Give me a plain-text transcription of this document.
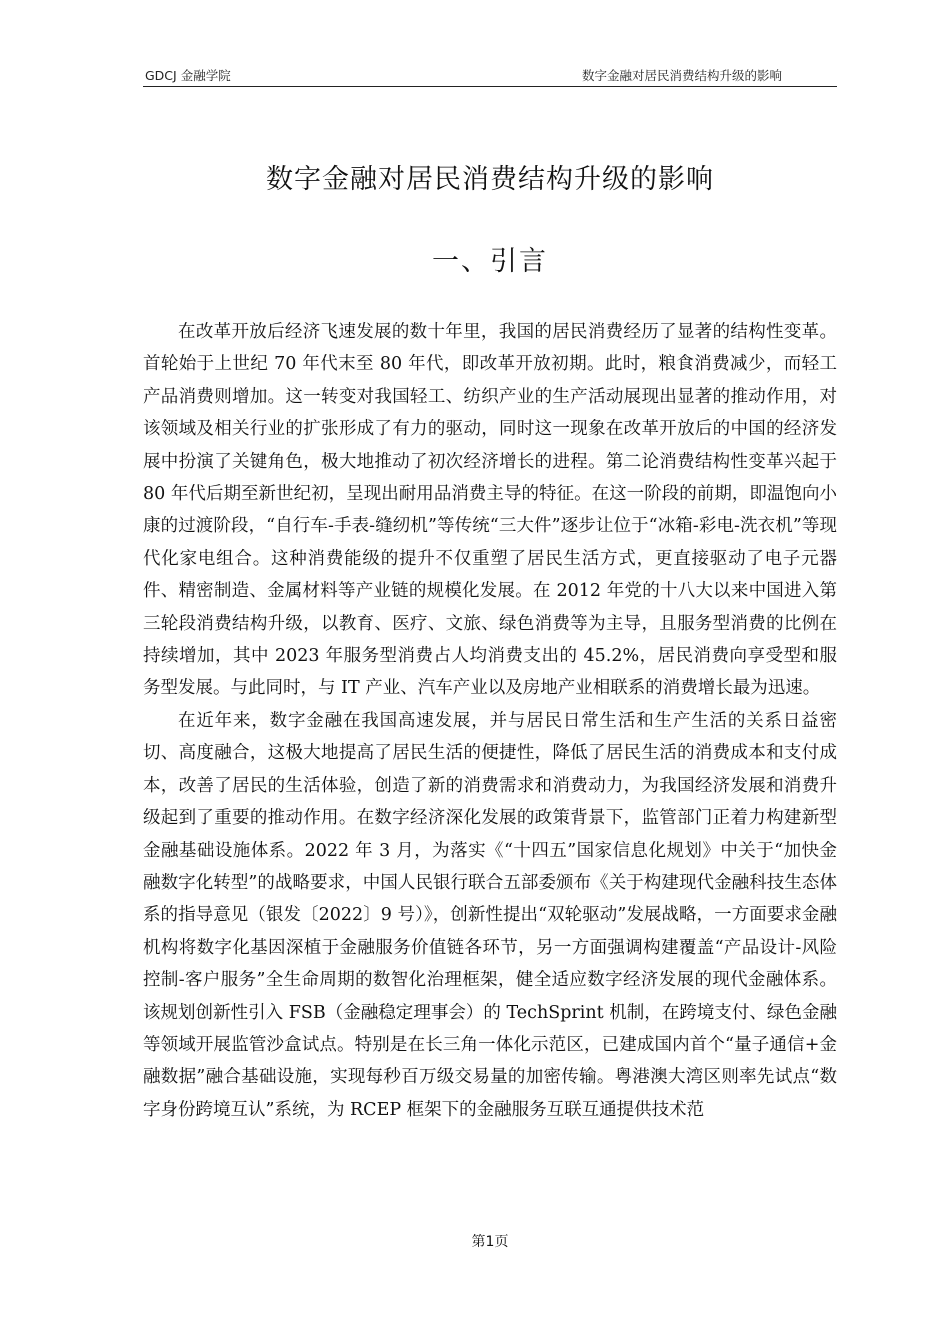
GDCJ 金融学院	数字金融对居民消费结构升级的影响
数字金融对居民消费结构升级的影响
一、引言

在改革开放后经济飞速发展的数十年里，我国的居民消费经历了显著的结构性变革。首轮始于上世纪 70 年代末至 80 年代，即改革开放初期。此时，粮食消费减少，而轻工产品消费则增加。这一转变对我国轻工、纺织产业的生产活动展现出显著的推动作用，对该领域及相关行业的扩张形成了有力的驱动，同时这一现象在改革开放后的中国的经济发展中扮演了关键角色，极大地推动了初次经济增长的进程。第二论消费结构性变革兴起于 80 年代后期至新世纪初，呈现出耐用品消费主导的特征。在这一阶段的前期，即温饱向小康的过渡阶段，“自行车-手表-缝纫机”等传统“三大件”逐步让位于“冰箱-彩电-洗衣机”等现代化家电组合。这种消费能级的提升不仅重塑了居民生活方式，更直接驱动了电子元器件、精密制造、金属材料等产业链的规模化发展。在 2012 年党的十八大以来中国进入第三轮段消费结构升级，以教育、医疗、文旅、绿色消费等为主导，且服务型消费的比例在持续增加，其中 2023 年服务型消费占人均消费支出的 45.2%，居民消费向享受型和服务型发展。与此同时，与 IT 产业、汽车产业以及房地产业相联系的消费增长最为迅速。

在近年来，数字金融在我国高速发展，并与居民日常生活和生产生活的关系日益密切、高度融合，这极大地提高了居民生活的便捷性，降低了居民生活的消费成本和支付成本，改善了居民的生活体验，创造了新的消费需求和消费动力，为我国经济发展和消费升级起到了重要的推动作用。在数字经济深化发展的政策背景下，监管部门正着力构建新型金融基础设施体系。2022 年 3 月，为落实《“十四五”国家信息化规划》中关于“加快金融数字化转型”的战略要求，中国人民银行联合五部委颁布《关于构建现代金融科技生态体系的指导意见（银发〔2022〕9 号）》，创新性提出“双轮驱动”发展战略，一方面要求金融机构将数字化基因深植于金融服务价值链各环节，另一方面强调构建覆盖“产品设计-风险控制-客户服务”全生命周期的数智化治理框架，健全适应数字经济发展的现代金融体系。该规划创新性引入 FSB（金融稳定理事会）的 TechSprint 机制，在跨境支付、绿色金融等领域开展监管沙盒试点。特别是在长三角一体化示范区，已建成国内首个“量子通信+金融数据”融合基础设施，实现每秒百万级交易量的加密传输。粤港澳大湾区则率先试点“数字身份跨境互认”系统，为 RCEP 框架下的金融服务互联互通提供技术范

第1页
